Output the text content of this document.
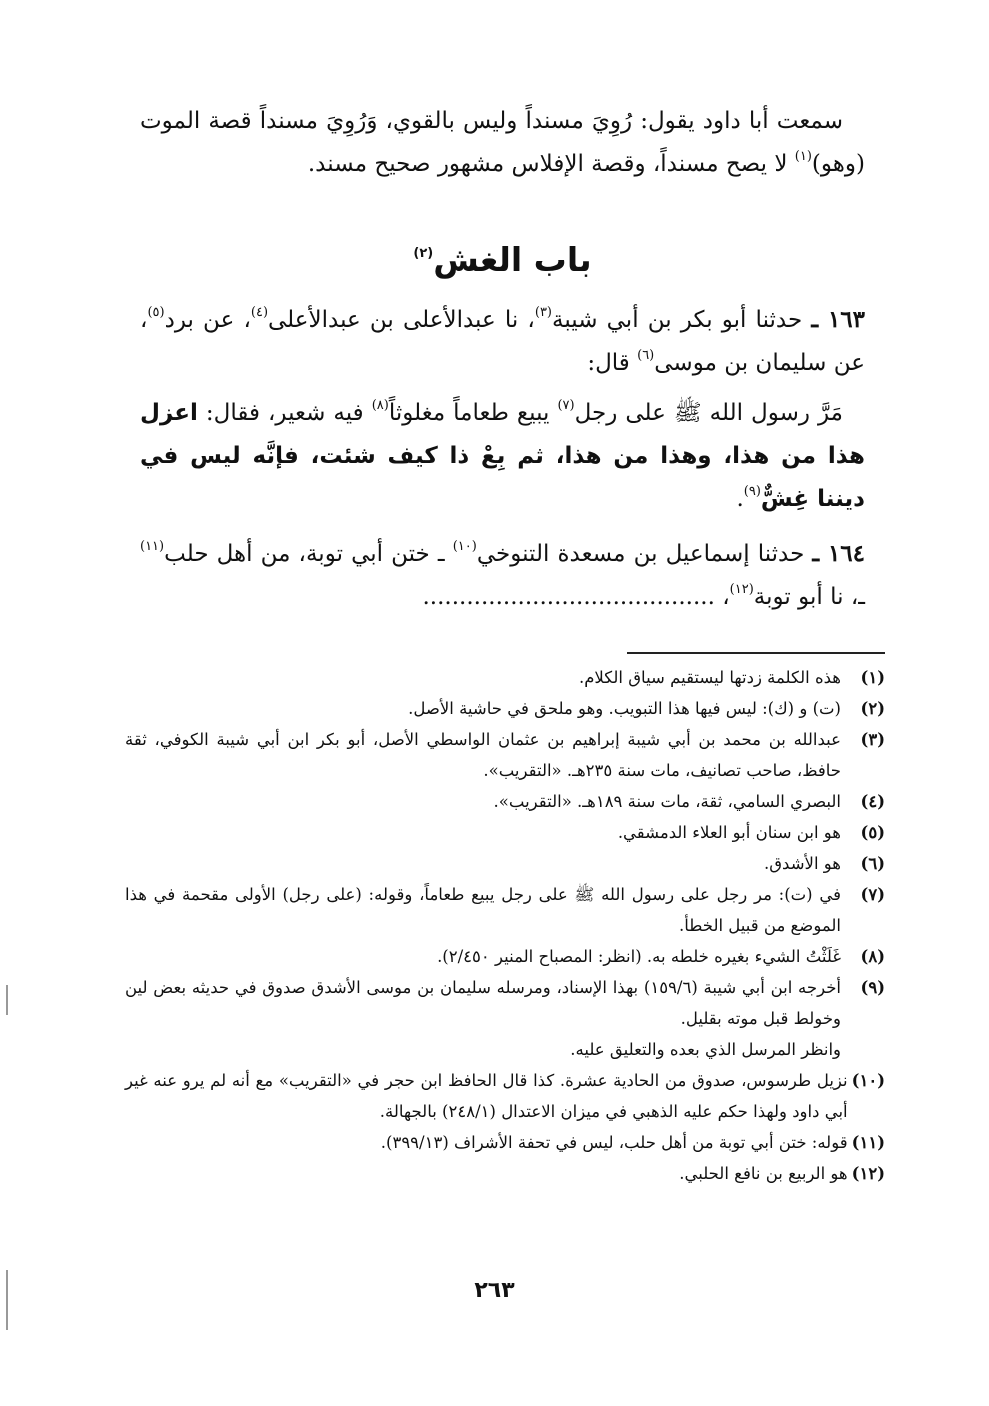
سمعت أبا داود يقول: رُوِيَ مسنداً وليس بالقوي، وَرُوِيَ مسنداً قصة الموت (وهو)$^{(١)}$ لا يصح مسنداً، وقصة الإفلاس مشهور صحيح مسند.

باب الغش$^{(٢)}$

١٦٣ ـ حدثنا أبو بكر بن أبي شيبة$^{(٣)}$، نا عبدالأعلى بن عبدالأعلى$^{(٤)}$، عن برد$^{(٥)}$، عن سليمان بن موسى$^{(٦)}$ قال:

مَرَّ رسول الله ﷺ على رجل$^{(٧)}$ يبيع طعاماً مغلوثاً$^{(٨)}$ فيه شعير، فقال: اعزل هذا من هذا، وهذا من هذا، ثم بِعْ ذا كيف شئت، فإنَّه ليس في ديننا غِشٌّ$^{(٩)}$.

١٦٤ ـ حدثنا إسماعيل بن مسعدة التنوخي$^{(١٠)}$ ـ ختن أبي توبة، من أهل حلب$^{(١١)}$ ـ، نا أبو توبة$^{(١٢)}$، ........................................

(١)
هذه الكلمة زدتها ليستقيم سياق الكلام.
(٢)
(ت) و (ك): ليس فيها هذا التبويب. وهو ملحق في حاشية الأصل.
(٣)
عبدالله بن محمد بن أبي شيبة إبراهيم بن عثمان الواسطي الأصل، أبو بكر ابن أبي شيبة الكوفي، ثقة حافظ، صاحب تصانيف، مات سنة ٢٣٥هـ. «التقريب».
(٤)
البصري السامي، ثقة، مات سنة ١٨٩هـ. «التقريب».
(٥)
هو ابن سنان أبو العلاء الدمشقي.
(٦)
هو الأشدق.
(٧)
في (ت): مر رجل على رسول الله ﷺ على رجل يبيع طعاماً، وقوله: (على رجل) الأولى مقحمة في هذا الموضع من قبيل الخطأ.
(٨)
غَلَثْتُ الشيء بغيره خلطه به. (انظر: المصباح المنير ٢/٤٥٠).
(٩)
أخرجه ابن أبي شيبة (١٥٩/٦) بهذا الإسناد، ومرسله سليمان بن موسى الأشدق صدوق في حديثه بعض لين وخولط قبل موته بقليل.
وانظر المرسل الذي بعده والتعليق عليه.
(١٠)
نزيل طرسوس، صدوق من الحادية عشرة. كذا قال الحافظ ابن حجر في «التقريب» مع أنه لم يرو عنه غير أبي داود ولهذا حكم عليه الذهبي في ميزان الاعتدال (٢٤٨/١) بالجهالة.
(١١)
قوله: ختن أبي توبة من أهل حلب، ليس في تحفة الأشراف (٣٩٩/١٣).
(١٢)
هو الربيع بن نافع الحلبي.
٢٦٣
